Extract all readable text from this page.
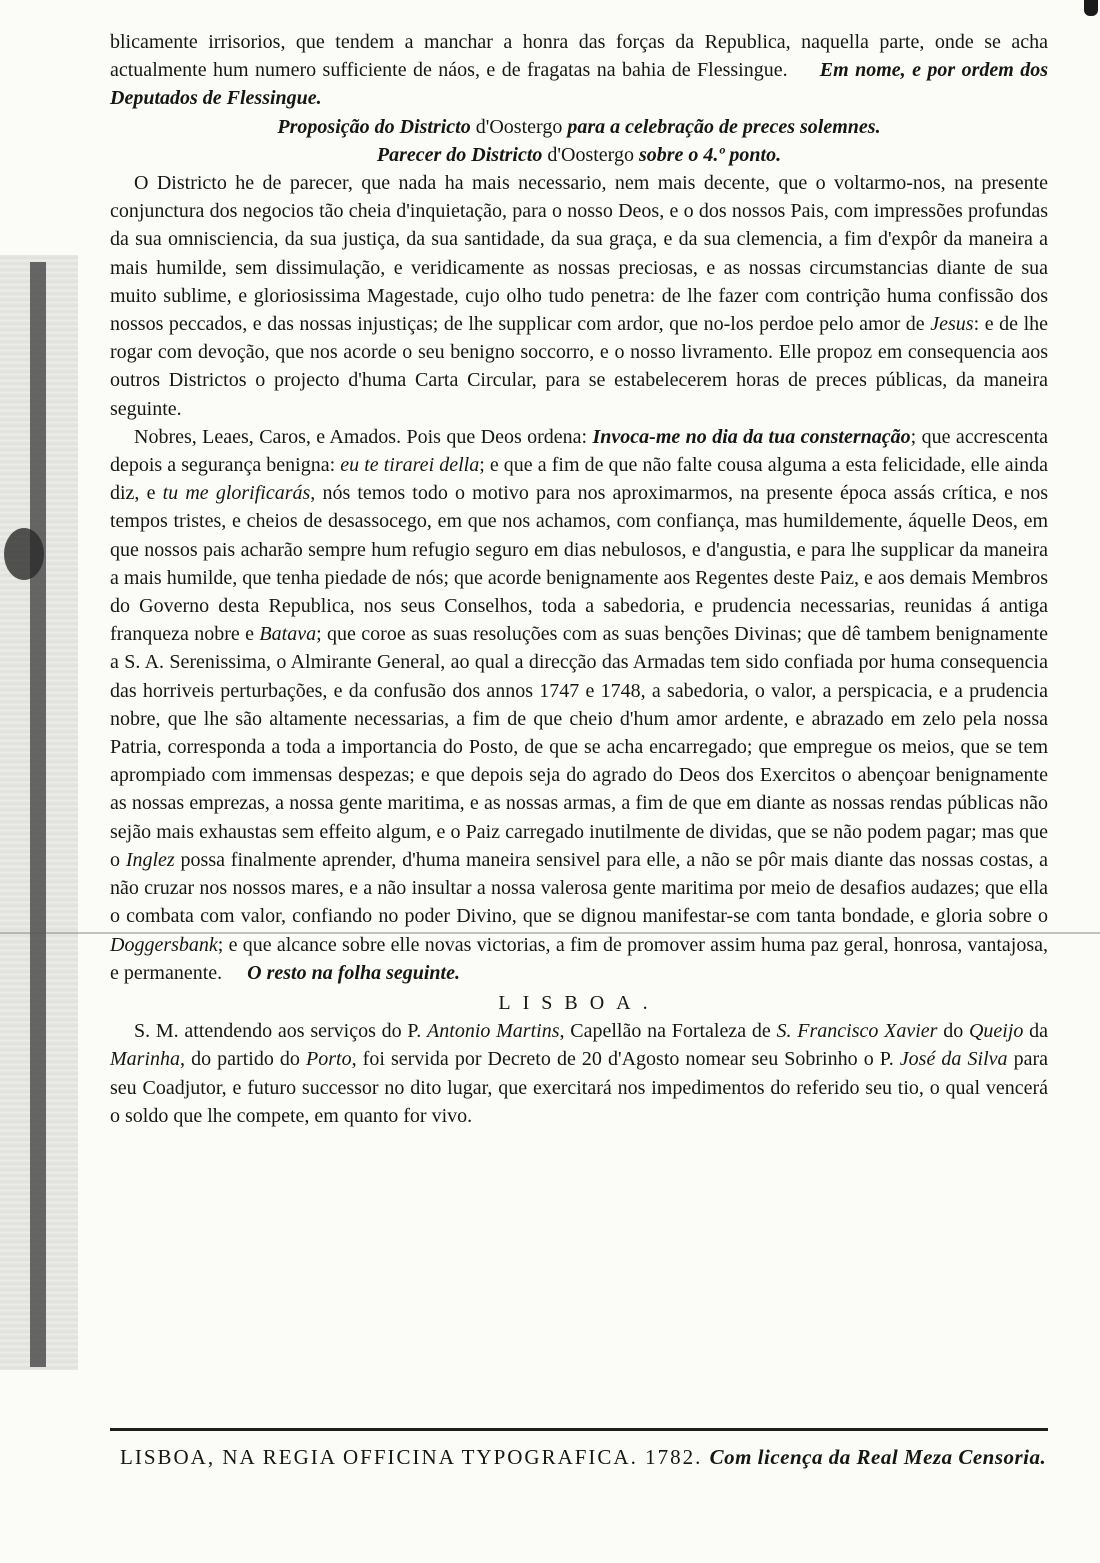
blicamente irrisorios, que tendem a manchar a honra das forças da Republica, naquella parte, onde se acha actualmente hum numero sufficiente de náos, e de fragatas na bahia de Flessingue. Em nome, e por ordem dos Deputados de Flessingue.

Proposição do Districto d'Oostergo para a celebração de preces solemnes.

Parecer do Districto d'Oostergo sobre o 4.º ponto.

O Districto he de parecer, que nada ha mais necessario, nem mais decente, que o voltarmo-nos, na presente conjunctura dos negocios tão cheia d'inquietação, para o nosso Deos, e o dos nossos Pais, com impressões profundas da sua omnisciencia, da sua justiça, da sua santidade, da sua graça, e da sua clemencia, a fim d'expôr da maneira a mais humilde, sem dissimulação, e veridicamente as nossas preciosas, e as nossas circumstancias diante de sua muito sublime, e gloriosissima Magestade, cujo olho tudo penetra: de lhe fazer com contrição huma confissão dos nossos peccados, e das nossas injustiças; de lhe supplicar com ardor, que no-los perdoe pelo amor de Jesus: e de lhe rogar com devoção, que nos acorde o seu benigno soccorro, e o nosso livramento. Elle propoz em consequencia aos outros Districtos o projecto d'huma Carta Circular, para se estabelecerem horas de preces públicas, da maneira seguinte.

Nobres, Leaes, Caros, e Amados. Pois que Deos ordena: Invoca-me no dia da tua consternação; que accrescenta depois a segurança benigna: eu te tirarei della; e que a fim de que não falte cousa alguma a esta felicidade, elle ainda diz, e tu me glorificarás, nós temos todo o motivo para nos aproximarmos, na presente época assás crítica, e nos tempos tristes, e cheios de desassocego, em que nos achamos, com confiança, mas humildemente, áquelle Deos, em que nossos pais acharão sempre hum refugio seguro em dias nebulosos, e d'angustia, e para lhe supplicar da maneira a mais humilde, que tenha piedade de nós; que acorde benignamente aos Regentes deste Paiz, e aos demais Membros do Governo desta Republica, nos seus Conselhos, toda a sabedoria, e prudencia necessarias, reunidas á antiga franqueza nobre e Batava; que coroe as suas resoluções com as suas benções Divinas; que dê tambem benignamente a S. A. Serenissima, o Almirante General, ao qual a direcção das Armadas tem sido confiada por huma consequencia das horriveis perturbações, e da confusão dos annos 1747 e 1748, a sabedoria, o valor, a perspicacia, e a prudencia nobre, que lhe são altamente necessarias, a fim de que cheio d'hum amor ardente, e abrazado em zelo pela nossa Patria, corresponda a toda a importancia do Posto, de que se acha encarregado; que empregue os meios, que se tem aprompiado com immensas despezas; e que depois seja do agrado do Deos dos Exercitos o abençoar benignamente as nossas emprezas, a nossa gente maritima, e as nossas armas, a fim de que em diante as nossas rendas públicas não sejão mais exhaustas sem effeito algum, e o Paiz carregado inutilmente de dividas, que se não podem pagar; mas que o Inglez possa finalmente aprender, d'huma maneira sensivel para elle, a não se pôr mais diante das nossas costas, a não cruzar nos nossos mares, e a não insultar a nossa valerosa gente maritima por meio de desafios audazes; que ella o combata com valor, confiando no poder Divino, que se dignou manifestar-se com tanta bondade, e gloria sobre o Doggersbank; e que alcance sobre elle novas victorias, a fim de promover assim huma paz geral, honrosa, vantajosa, e permanente. O resto na folha seguinte.

LISBOA.

S. M. attendendo aos serviços do P. Antonio Martins, Capellão na Fortaleza de S. Francisco Xavier do Queijo da Marinha, do partido do Porto, foi servida por Decreto de 20 d'Agosto nomear seu Sobrinho o P. José da Silva para seu Coadjutor, e futuro successor no dito lugar, que exercitará nos impedimentos do referido seu tio, o qual vencerá o soldo que lhe compete, em quanto for vivo.

LISBOA, NA REGIA OFFICINA TYPOGRAFICA. 1782. Com licença da Real Meza Censoria.
